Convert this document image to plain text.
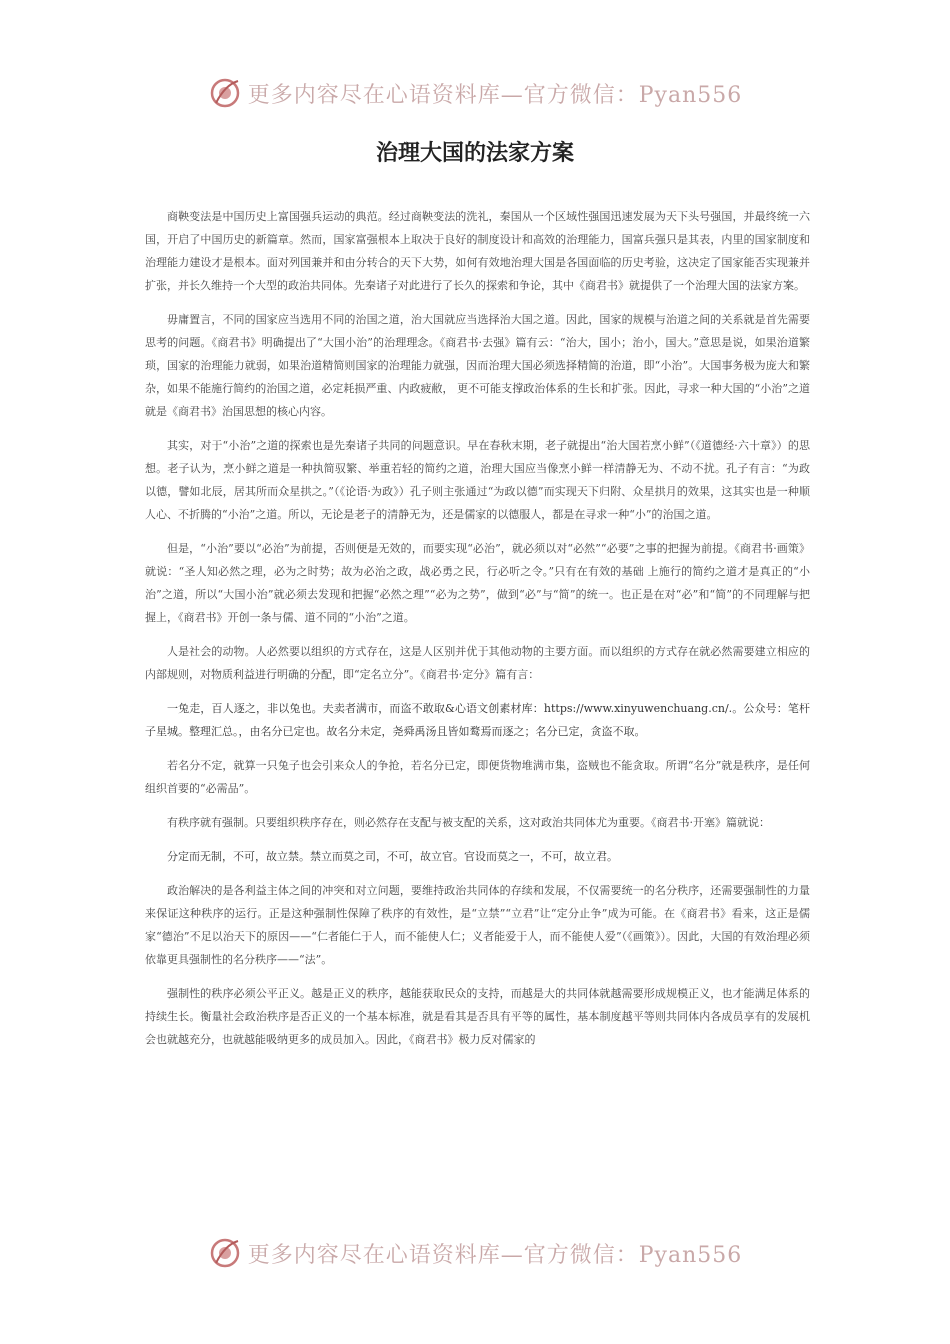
更多内容尽在心语资料库—官方微信：Pyan556
治理大国的法家方案

商鞅变法是中国历史上富国强兵运动的典范。经过商鞅变法的洗礼，秦国从一个区域性强国迅速发展为天下头号强国，并最终统一六国，开启了中国历史的新篇章。然而，国家富强根本上取决于良好的制度设计和高效的治理能力，国富兵强只是其表，内里的国家制度和治理能力建设才是根本。面对列国兼并和由分转合的天下大势，如何有效地治理大国是各国面临的历史考验，这决定了国家能否实现兼并扩张，并长久维持一个大型的政治共同体。先秦诸子对此进行了长久的探索和争论，其中《商君书》就提供了一个治理大国的法家方案。

毋庸置言，不同的国家应当选用不同的治国之道，治大国就应当选择治大国之道。因此，国家的规模与治道之间的关系就是首先需要思考的问题。《商君书》明确提出了“大国小治”的治理理念。《商君书·去强》篇有云：“治大，国小；治小，国大。”意思是说，如果治道繁琐，国家的治理能力就弱，如果治道精简则国家的治理能力就强，因而治理大国必须选择精简的治道，即“小治”。大国事务极为庞大和繁杂，如果不能施行简约的治国之道，必定耗损严重、内政疲敝， 更不可能支撑政治体系的生长和扩张。因此，寻求一种大国的“小治”之道就是《商君书》治国思想的核心内容。

其实，对于“小治”之道的探索也是先秦诸子共同的问题意识。早在春秋末期，老子就提出“治大国若烹小鲜”（《道德经·六十章》）的思想。老子认为，烹小鲜之道是一种执简驭繁、举重若轻的简约之道，治理大国应当像烹小鲜一样清静无为、不动不扰。孔子有言：“为政以德，譬如北辰，居其所而众星拱之。”（《论语·为政》）孔子则主张通过“为政以德”而实现天下归附、众星拱月的效果，这其实也是一种顺人心、不折腾的“小治”之道。所以，无论是老子的清静无为，还是儒家的以德服人，都是在寻求一种“小”的治国之道。

但是，“小治”要以“必治”为前提，否则便是无效的，而要实现“必治”，就必须以对“必然”“必要”之事的把握为前提。《商君书·画策》就说：“圣人知必然之理，必为之时势；故为必治之政，战必勇之民，行必听之令。”只有在有效的基础 上施行的简约之道才是真正的“小治”之道，所以“大国小治”就必须去发现和把握“必然之理”“必为之势”，做到“必”与“简”的统一。也正是在对“必”和“简”的不同理解与把握上，《商君书》开创一条与儒、道不同的“小治”之道。

人是社会的动物。人必然要以组织的方式存在，这是人区别并优于其他动物的主要方面。而以组织的方式存在就必然需要建立相应的内部规则，对物质利益进行明确的分配，即“定名立分”。《商君书·定分》篇有言：

一兔走，百人逐之，非以兔也。夫卖者满市，而盗不敢取&心语文创素材库：https://www.xinyuwenchuang.cn/.。公众号：笔杆子星城。整理汇总。，由名分已定也。故名分未定，尧舜禹汤且皆如鹜焉而逐之；名分已定，贪盗不取。

若名分不定，就算一只兔子也会引来众人的争抢，若名分已定，即便货物堆满市集，盗贼也不能贪取。所谓“名分”就是秩序，是任何组织首要的“必需品”。

有秩序就有强制。只要组织秩序存在，则必然存在支配与被支配的关系，这对政治共同体尤为重要。《商君书·开塞》篇就说：

分定而无制，不可，故立禁。禁立而莫之司，不可，故立官。官设而莫之一，不可，故立君。

政治解决的是各利益主体之间的冲突和对立问题，要维持政治共同体的存续和发展，不仅需要统一的名分秩序，还需要强制性的力量来保证这种秩序的运行。正是这种强制性保障了秩序的有效性，是“立禁”“立君”让“定分止争”成为可能。在《商君书》看来，这正是儒家“德治”不足以治天下的原因——“仁者能仁于人，而不能使人仁；义者能爱于人，而不能使人爱”（《画策》）。因此，大国的有效治理必须依靠更具强制性的名分秩序——“法”。

强制性的秩序必须公平正义。越是正义的秩序，越能获取民众的支持，而越是大的共同体就越需要形成规模正义，也才能满足体系的持续生长。衡量社会政治秩序是否正义的一个基本标准，就是看其是否具有平等的属性，基本制度越平等则共同体内各成员享有的发展机会也就越充分，也就越能吸纳更多的成员加入。因此，《商君书》极力反对儒家的

更多内容尽在心语资料库—官方微信：Pyan556
